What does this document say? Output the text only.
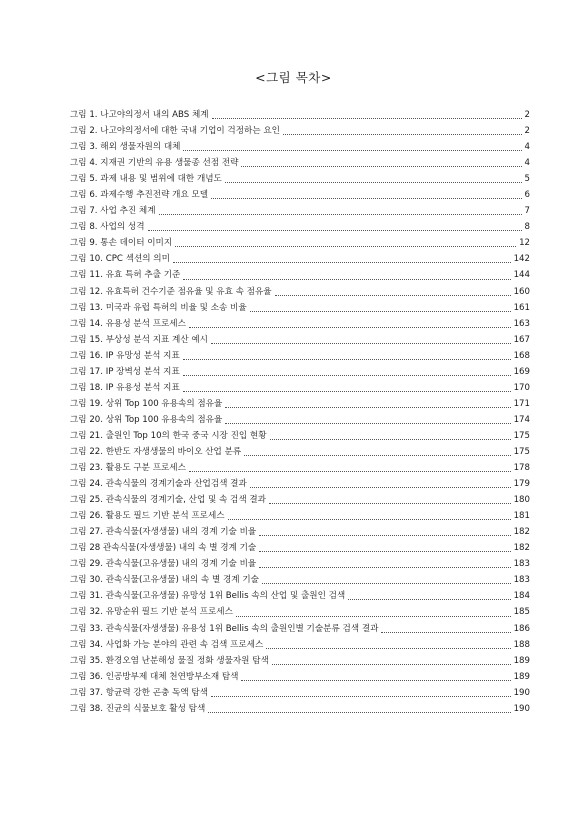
<그림 목차>
그림 1. 나고야의정서 내의 ABS 체계	2
그림 2. 나고야의정서에 대한 국내 기업이 걱정하는 요인	2
그림 3. 해외 생물자원의 대체	4
그림 4. 지재권 기반의 유용 생물종 선점 전략	4
그림 5. 과제 내용 및 범위에 대한 개념도	5
그림 6. 과제수행 추진전략 개요 모델	6
그림 7. 사업 추진 체계	7
그림 8. 사업의 성격	8
그림 9. 통손 데이터 이미지	12
그림 10. CPC 섹션의 의미	142
그림 11. 유효 특허 추출 기준	144
그림 12. 유효특허 건수기준 점유율 및 유효 속 점유율	160
그림 13. 미국과 유럽 특허의 비율 및 소송 비율	161
그림 14. 유용성 분석 프로세스	163
그림 15. 부상성 분석 지표 계산 예시	167
그림 16. IP 유망성 분석 지표	168
그림 17. IP 장벽성 분석 지표	169
그림 18. IP 유용성 분석 지표	170
그림 19. 상위 Top 100 유용속의 점유율	171
그림 20. 상위 Top 100 유용속의 점유율	174
그림 21. 출원인 Top 10의 한국 중국 시장 진입 현황	175
그림 22. 한반도 자생생물의 바이오 산업 분류	175
그림 23. 활용도 구분 프로세스	178
그림 24. 관속식물의 경계기술과 산업검색 결과	179
그림 25. 관속식물의 경계기술, 산업 및 속 검색 결과	180
그림 26. 활용도 필드 기반 분석 프로세스	181
그림 27. 관속식물(자생생물) 내의 경계 기술 비율	182
그림 28 관속식물(자생생물) 내의 속 별 경계 기술	182
그림 29. 관속식물(고유생물) 내의 경계 기술 비율	183
그림 30. 관속식물(고유생물) 내의 속 별 경계 기술	183
그림 31. 관속식물(고유생물) 유망성 1위 Bellis 속의 산업 및 출원인 검색	184
그림 32. 유망순위 필드 기반 분석 프로세스	185
그림 33. 관속식물(자생생물) 유용성 1위 Bellis 속의 출원인별 기술분류 검색 결과	186
그림 34. 사업화 가능 분야의 관련 속 검색 프로세스	188
그림 35. 환경오염 난분해성 물질 정화 생물자원 탐색	189
그림 36. 인공방부제 대체 천연방부소재 탐색	189
그림 37. 항균력 강한 곤충 독액 탐색	190
그림 38. 진균의 식물보호 활성 탐색	190
